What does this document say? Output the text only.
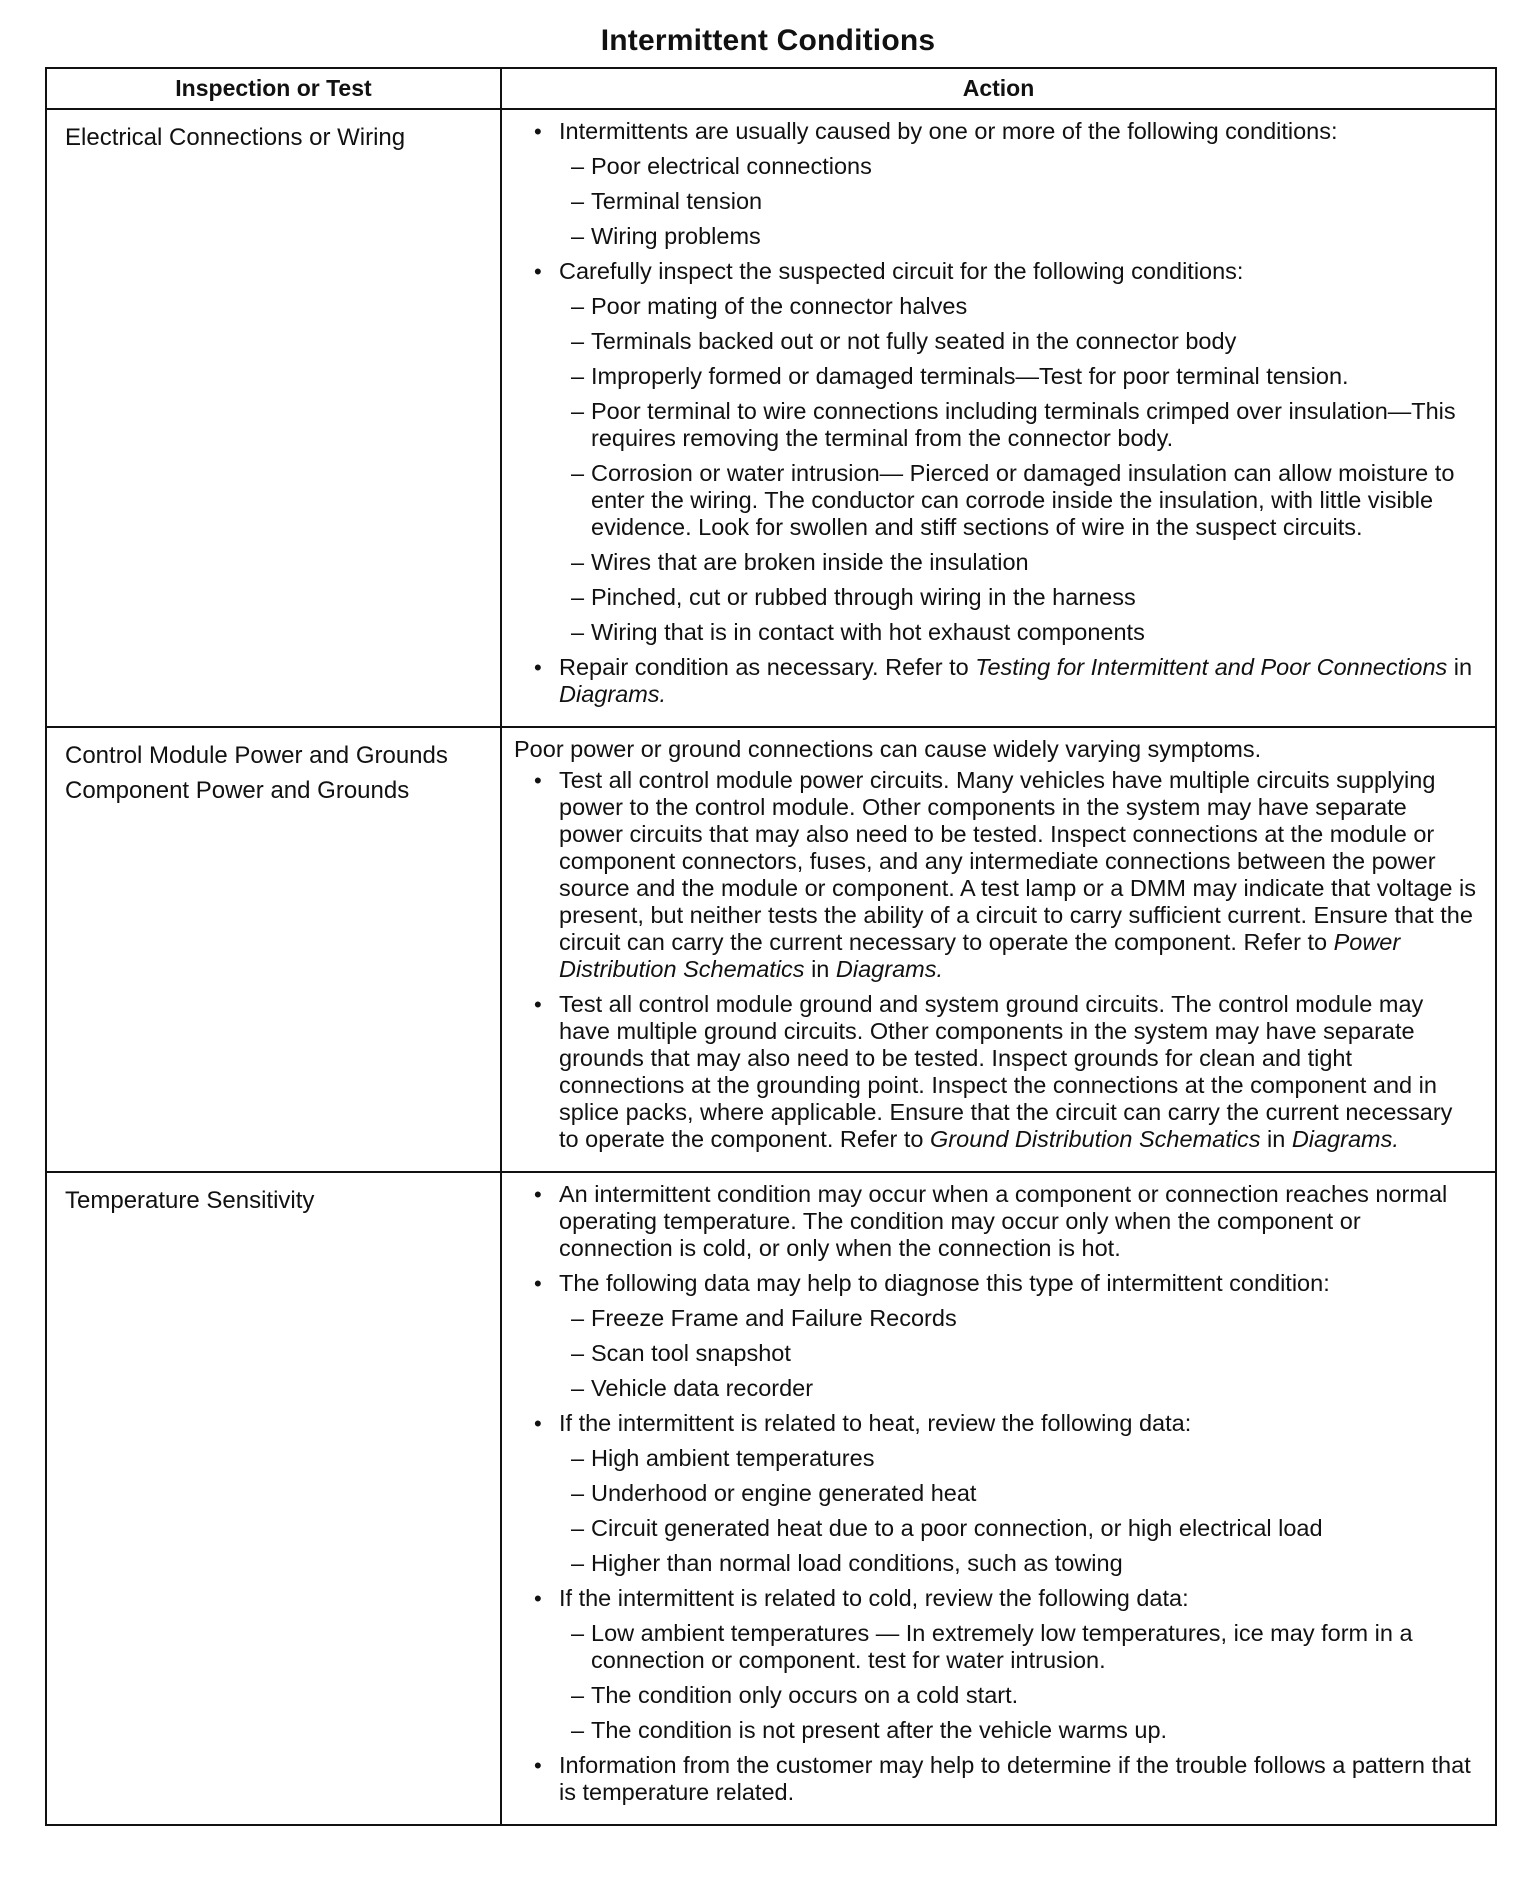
Intermittent Conditions
Inspection or Test	Action

Electrical Connections or Wiring

•Intermittents are usually caused by one or more of the following conditions:
– Poor electrical connections
– Terminal tension
– Wiring problems
• Carefully inspect the suspected circuit for the following conditions:
– Poor mating of the connector halves
– Terminals backed out or not fully seated in the connector body
– Improperly formed or damaged terminals—Test for poor terminal tension.
– Poor terminal to wire connections including terminals crimped over insulation—This requires removing the terminal from the connector body.
– Corrosion or water intrusion— Pierced or damaged insulation can allow moisture to enter the wiring. The conductor can corrode inside the insulation, with little visible evidence. Look for swollen and stiff sections of wire in the suspect circuits.
– Wires that are broken inside the insulation
– Pinched, cut or rubbed through wiring in the harness
– Wiring that is in contact with hot exhaust components
• Repair condition as necessary. Refer to Testing for Intermittent and Poor Connections in Diagrams.

Control Module Power and Grounds
Component Power and Grounds

Poor power or ground connections can cause widely varying symptoms.
• Test all control module power circuits. Many vehicles have multiple circuits supplying power to the control module. Other components in the system may have separate power circuits that may also need to be tested. Inspect connections at the module or component connectors, fuses, and any intermediate connections between the power source and the module or component. A test lamp or a DMM may indicate that voltage is present, but neither tests the ability of a circuit to carry sufficient current. Ensure that the circuit can carry the current necessary to operate the component. Refer to Power Distribution Schematics in Diagrams.
• Test all control module ground and system ground circuits. The control module may have multiple ground circuits. Other components in the system may have separate grounds that may also need to be tested. Inspect grounds for clean and tight connections at the grounding point. Inspect the connections at the component and in splice packs, where applicable. Ensure that the circuit can carry the current necessary to operate the component. Refer to Ground Distribution Schematics in Diagrams.

Temperature Sensitivity

•An intermittent condition may occur when a component or connection reaches normal operating temperature. The condition may occur only when the component or connection is cold, or only when the connection is hot.
• The following data may help to diagnose this type of intermittent condition:
– Freeze Frame and Failure Records
– Scan tool snapshot
– Vehicle data recorder
• If the intermittent is related to heat, review the following data:
– High ambient temperatures
– Underhood or engine generated heat
– Circuit generated heat due to a poor connection, or high electrical load
– Higher than normal load conditions, such as towing
• If the intermittent is related to cold, review the following data:
– Low ambient temperatures — In extremely low temperatures, ice may form in a connection or component. test for water intrusion.
– The condition only occurs on a cold start.
– The condition is not present after the vehicle warms up.
• Information from the customer may help to determine if the trouble follows a pattern that is temperature related.
